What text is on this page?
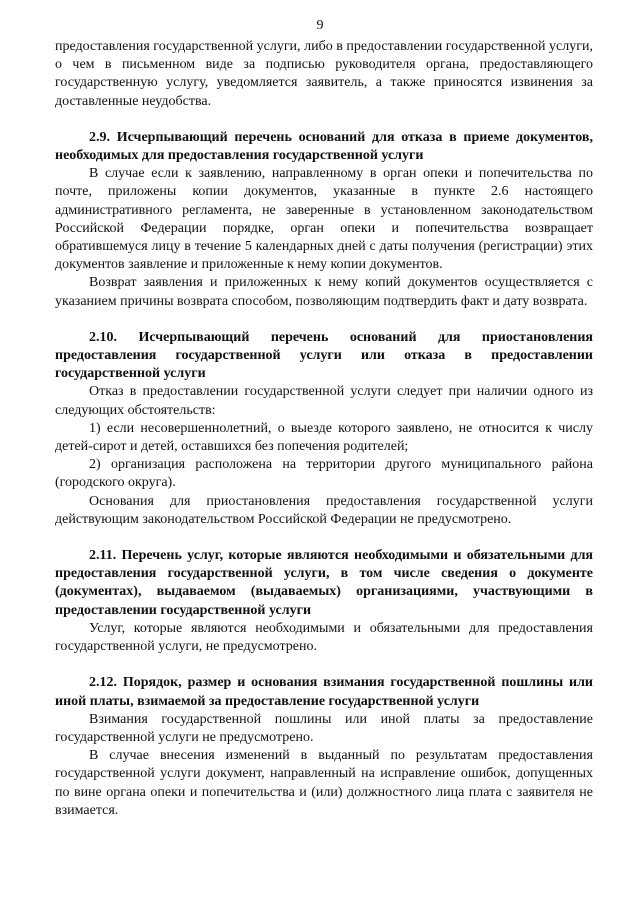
9

предоставления государственной услуги, либо в предоставлении государственной услуги, о чем в письменном виде за подписью руководителя органа, предоставляющего государственную услугу, уведомляется заявитель, а также приносятся извинения за доставленные неудобства.

2.9. Исчерпывающий перечень оснований для отказа в приеме документов, необходимых для предоставления государственной услуги

В случае если к заявлению, направленному в орган опеки и попечительства по почте, приложены копии документов, указанные в пункте 2.6 настоящего административного регламента, не заверенные в установленном законодательством Российской Федерации порядке, орган опеки и попечительства возвращает обратившемуся лицу в течение 5 календарных дней с даты получения (регистрации) этих документов заявление и приложенные к нему копии документов.

Возврат заявления и приложенных к нему копий документов осуществляется с указанием причины возврата способом, позволяющим подтвердить факт и дату возврата.

2.10. Исчерпывающий перечень оснований для приостановления предоставления государственной услуги или отказа в предоставлении государственной услуги

Отказ в предоставлении государственной услуги следует при наличии одного из следующих обстоятельств:

1) если несовершеннолетний, о выезде которого заявлено, не относится к числу детей-сирот и детей, оставшихся без попечения родителей;

2) организация расположена на территории другого муниципального района (городского округа).

Основания для приостановления предоставления государственной услуги действующим законодательством Российской Федерации не предусмотрено.

2.11. Перечень услуг, которые являются необходимыми и обязательными для предоставления государственной услуги, в том числе сведения о документе (документах), выдаваемом (выдаваемых) организациями, участвующими в предоставлении государственной услуги

Услуг, которые являются необходимыми и обязательными для предоставления государственной услуги, не предусмотрено.

2.12. Порядок, размер и основания взимания государственной пошлины или иной платы, взимаемой за предоставление государственной услуги

Взимания государственной пошлины или иной платы за предоставление государственной услуги не предусмотрено.

В случае внесения изменений в выданный по результатам предоставления государственной услуги документ, направленный на исправление ошибок, допущенных по вине органа опеки и попечительства и (или) должностного лица плата с заявителя не взимается.
